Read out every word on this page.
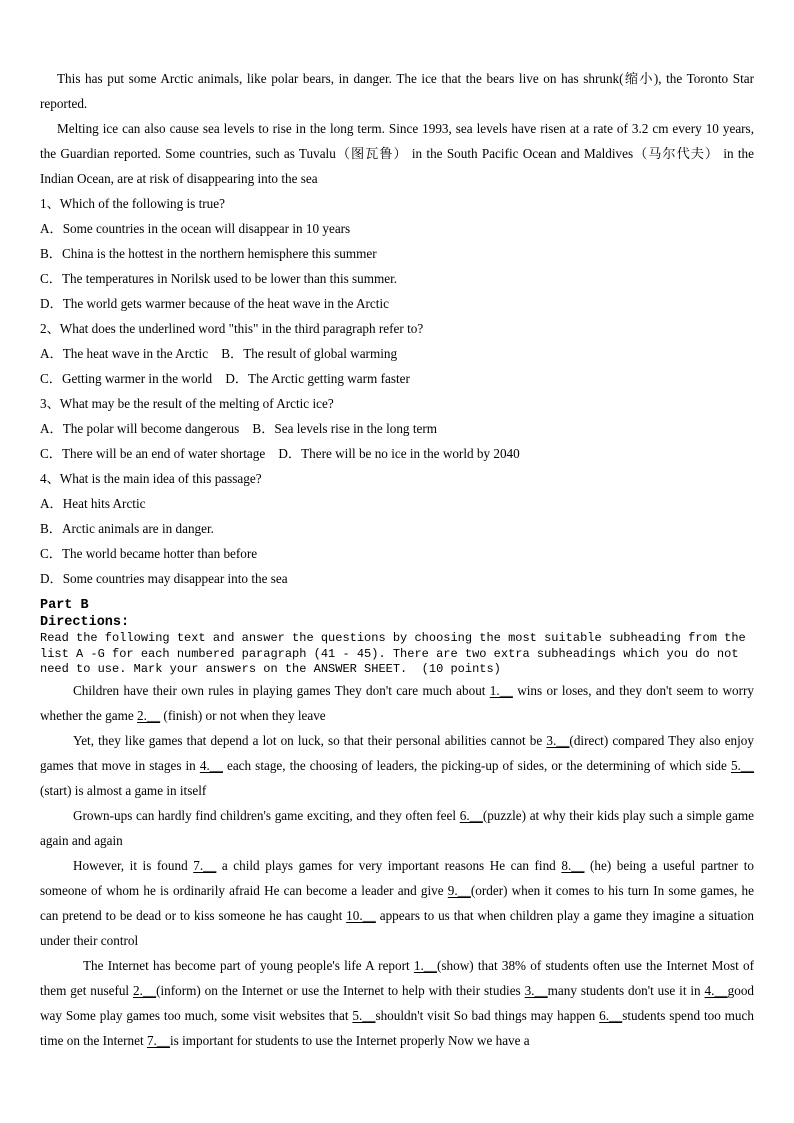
This has put some Arctic animals, like polar bears, in danger. The ice that the bears live on has shrunk(缩小), the Toronto Star reported.

Melting ice can also cause sea levels to rise in the long term. Since 1993, sea levels have risen at a rate of 3.2 cm every 10 years, the Guardian reported. Some countries, such as Tuvalu（图瓦鲁） in the South Pacific Ocean and Maldives（马尔代夫） in the Indian Ocean, are at risk of disappearing into the sea

1、Which of the following is true?

A．Some countries in the ocean will disappear in 10 years

B．China is the hottest in the northern hemisphere this summer

C．The temperatures in Norilsk used to be lower than this summer.

D．The world gets warmer because of the heat wave in the Arctic

2、What does the underlined word "this" in the third paragraph refer to?

A．The heat wave in the Arctic    B．The result of global warming

C．Getting warmer in the world    D．The Arctic getting warm faster

3、What may be the result of the melting of Arctic ice?

A．The polar will become dangerous    B．Sea levels rise in the long term

C．There will be an end of water shortage    D．There will be no ice in the world by 2040

4、What is the main idea of this passage?

A．Heat hits Arctic

B．Arctic animals are in danger.

C．The world became hotter than before

D．Some countries may disappear into the sea

Part B

Directions:

Read the following text and answer the questions by choosing the most suitable subheading from the list A -G for each numbered paragraph (41 - 45). There are two extra subheadings which you do not need to use. Mark your answers on the ANSWER SHEET.  (10 points)

Children have their own rules in playing games They don't care much about 1.__ wins or loses, and they don't seem to worry whether the game 2.__ (finish) or not when they leave

Yet, they like games that depend a lot on luck, so that their personal abilities cannot be 3.__(direct) compared They also enjoy games that move in stages in 4.__ each stage, the choosing of leaders, the picking-up of sides, or the determining of which side 5.__ (start) is almost a game in itself

Grown-ups can hardly find children's game exciting, and they often feel 6.__(puzzle) at why their kids play such a simple game again and again

However, it is found 7.__ a child plays games for very important reasons He can find 8.__ (he) being a useful partner to someone of whom he is ordinarily afraid He can become a leader and give 9.__(order) when it comes to his turn In some games, he can pretend to be dead or to kiss someone he has caught 10.__ appears to us that when children play a game they imagine a situation under their control

The Internet has become part of young people's life A report 1.__(show) that 38% of students often use the Internet Most of them get nuseful 2.__(inform) on the Internet or use the Internet to help with their studies 3.__many students don't use it in 4.__good way Some play games too much, some visit websites that 5.__shouldn't visit So bad things may happen 6.__students spend too much time on the Internet 7.__is important for students to use the Internet properly Now we have a
